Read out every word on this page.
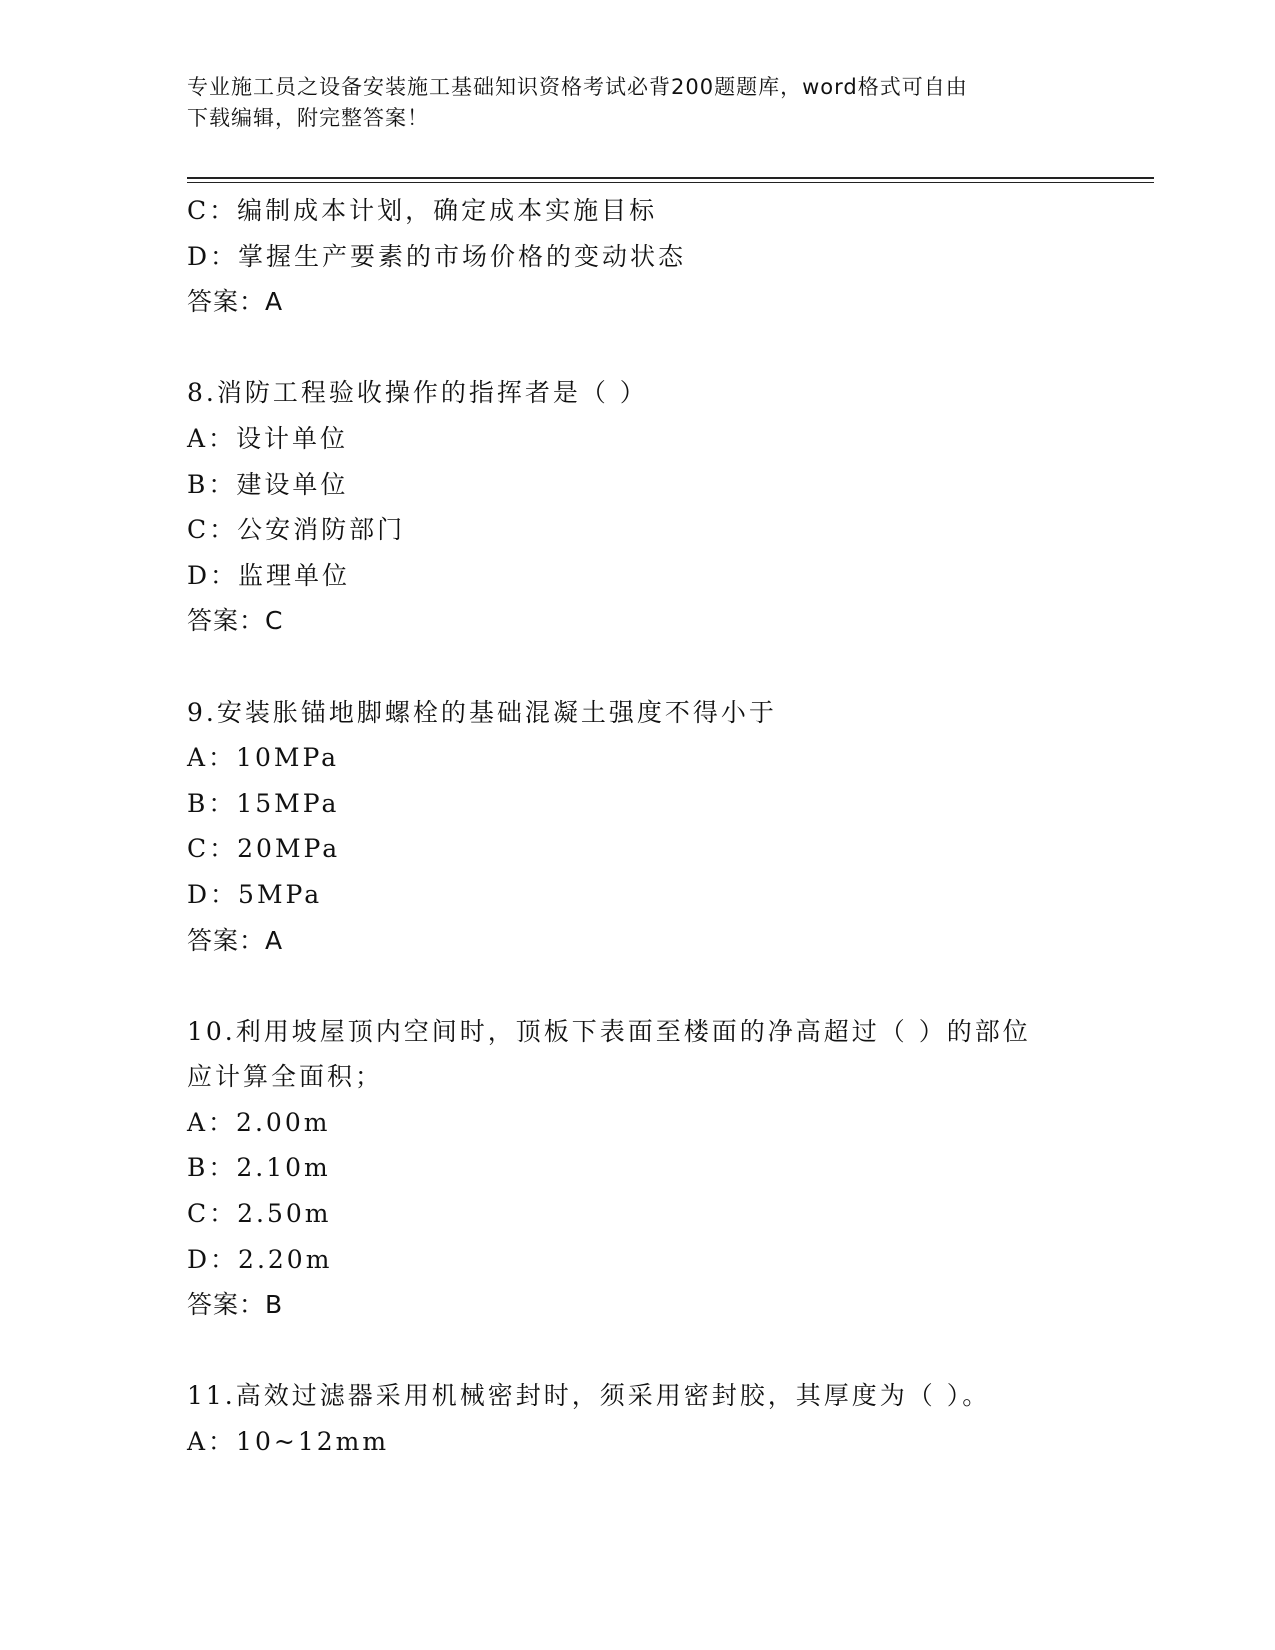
专业施工员之设备安装施工基础知识资格考试必背200题题库，word格式可自由
下载编辑，附完整答案！
C：编制成本计划，确定成本实施目标
D：掌握生产要素的市场价格的变动状态
答案：A
8.消防工程验收操作的指挥者是（ ）
A：设计单位
B：建设单位
C：公安消防部门
D：监理单位
答案：C
9.安装胀锚地脚螺栓的基础混凝土强度不得小于
A：10MPa
B：15MPa
C：20MPa
D：5MPa
答案：A
10.利用坡屋顶内空间时，顶板下表面至楼面的净高超过（ ）的部位
应计算全面积；
A：2.00m
B：2.10m
C：2.50m
D：2.20m
答案：B
11.高效过滤器采用机械密封时，须采用密封胶，其厚度为（ ）。
A：10~12mm
